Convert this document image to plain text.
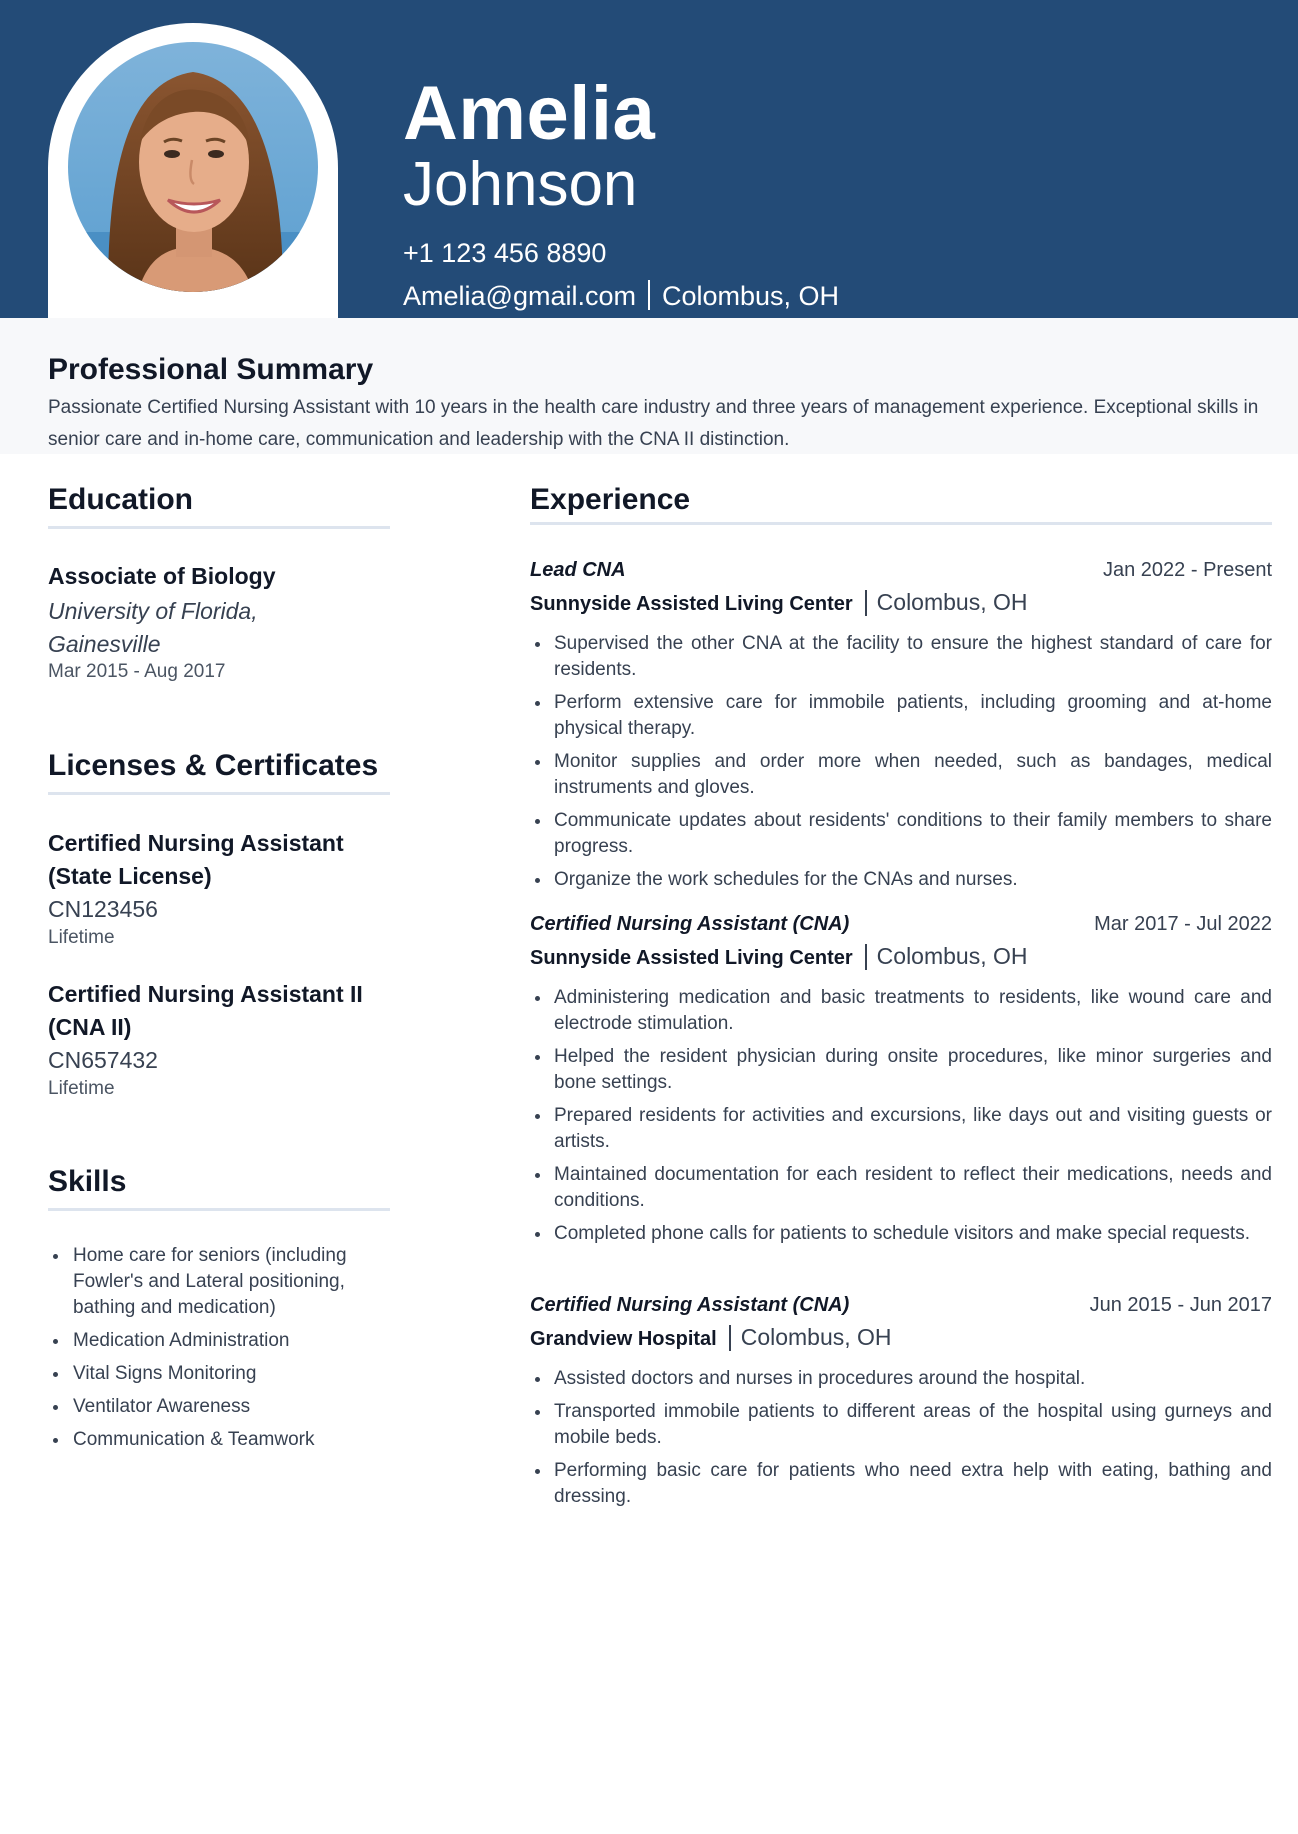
Amelia
Johnson
+1 123 456 8890
Amelia@gmail.com Colombus, OH
Professional Summary
Passionate Certified Nursing Assistant with 10 years in the health care industry and three years of management experience. Exceptional skills in senior care and in-home care, communication and leadership with the CNA II distinction.
Education
Associate of Biology
University of Florida, Gainesville
Mar 2015 - Aug 2017
Licenses & Certificates
Certified Nursing Assistant (State License)
CN123456
Lifetime
Certified Nursing Assistant II (CNA II)
CN657432
Lifetime
Skills
Home care for seniors (including Fowler's and Lateral positioning, bathing and medication)
Medication Administration
Vital Signs Monitoring
Ventilator Awareness
Communication & Teamwork
Experience
Lead CNA	Jan 2022 - Present
Sunnyside Assisted Living Center Colombus, OH
Supervised the other CNA at the facility to ensure the highest standard of care for residents.
Perform extensive care for immobile patients, including grooming and at-home physical therapy.
Monitor supplies and order more when needed, such as bandages, medical instruments and gloves.
Communicate updates about residents' conditions to their family members to share progress.
Organize the work schedules for the CNAs and nurses.
Certified Nursing Assistant (CNA)	Mar 2017 - Jul 2022
Sunnyside Assisted Living Center Colombus, OH
Administering medication and basic treatments to residents, like wound care and electrode stimulation.
Helped the resident physician during onsite procedures, like minor surgeries and bone settings.
Prepared residents for activities and excursions, like days out and visiting guests or artists.
Maintained documentation for each resident to reflect their medications, needs and conditions.
Completed phone calls for patients to schedule visitors and make special requests.
Certified Nursing Assistant (CNA)	Jun 2015 - Jun 2017
Grandview Hospital Colombus, OH
Assisted doctors and nurses in procedures around the hospital.
Transported immobile patients to different areas of the hospital using gurneys and mobile beds.
Performing basic care for patients who need extra help with eating, bathing and dressing.
